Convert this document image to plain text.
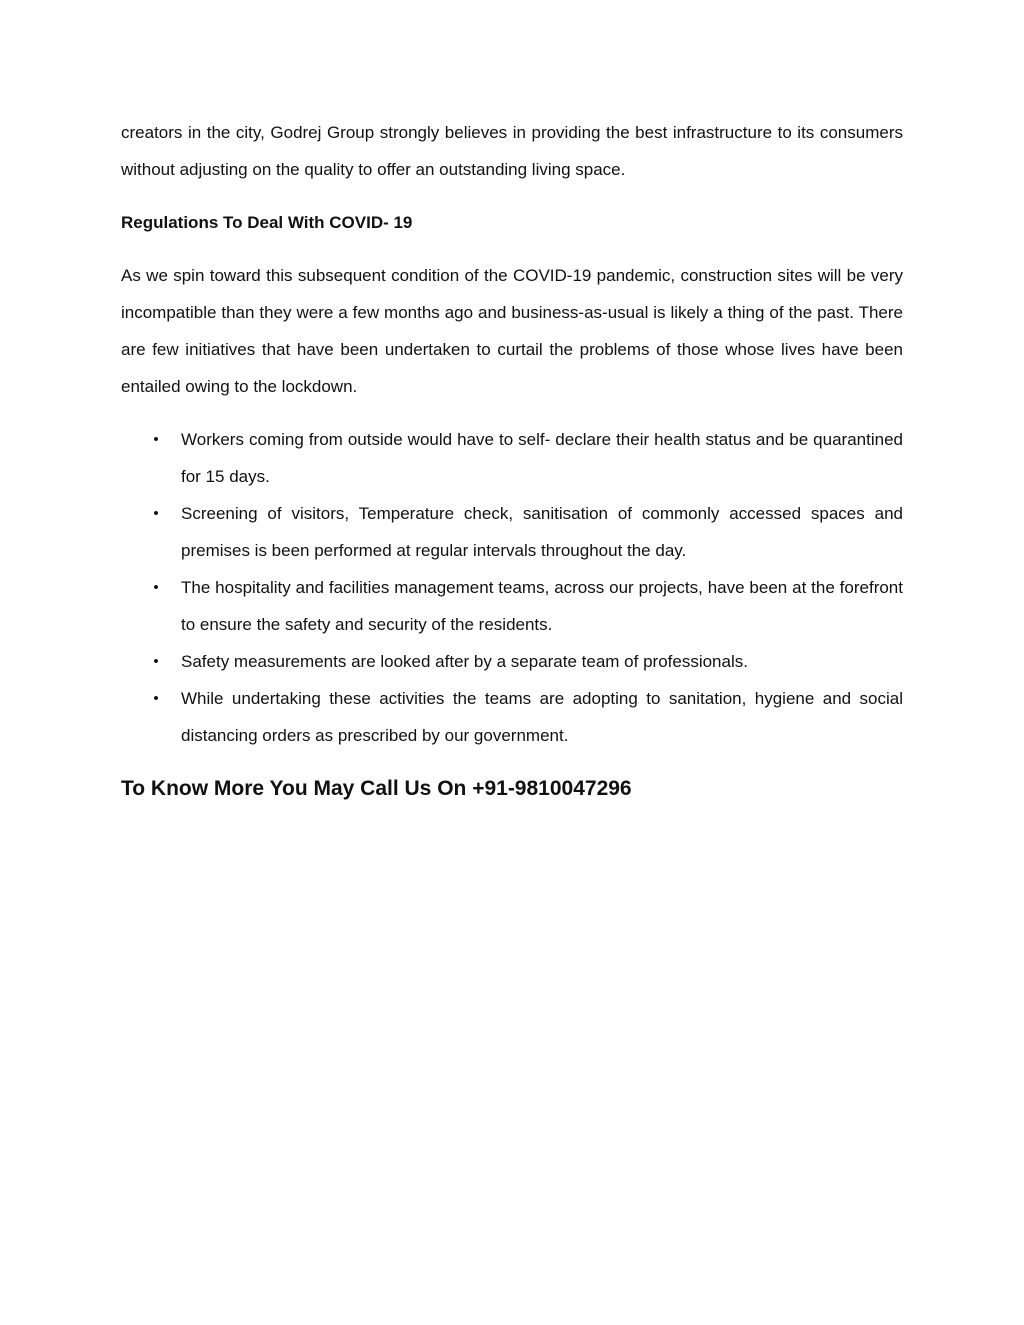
creators in the city, Godrej Group strongly believes in providing the best infrastructure to its consumers without adjusting on the quality to offer an outstanding living space.

Regulations To Deal With COVID- 19

As we spin toward this subsequent condition of the COVID-19 pandemic, construction sites will be very incompatible than they were a few months ago and business-as-usual is likely a thing of the past. There are few initiatives that have been undertaken to curtail the problems of those whose lives have been entailed owing to the lockdown.

• Workers coming from outside would have to self- declare their health status and be quarantined for 15 days.
• Screening of visitors, Temperature check, sanitisation of commonly accessed spaces and premises is been performed at regular intervals throughout the day.
• The hospitality and facilities management teams, across our projects, have been at the forefront to ensure the safety and security of the residents.
• Safety measurements are looked after by a separate team of professionals.
• While undertaking these activities the teams are adopting to sanitation, hygiene and social distancing orders as prescribed by our government.
To Know More You May Call Us On +91-9810047296
